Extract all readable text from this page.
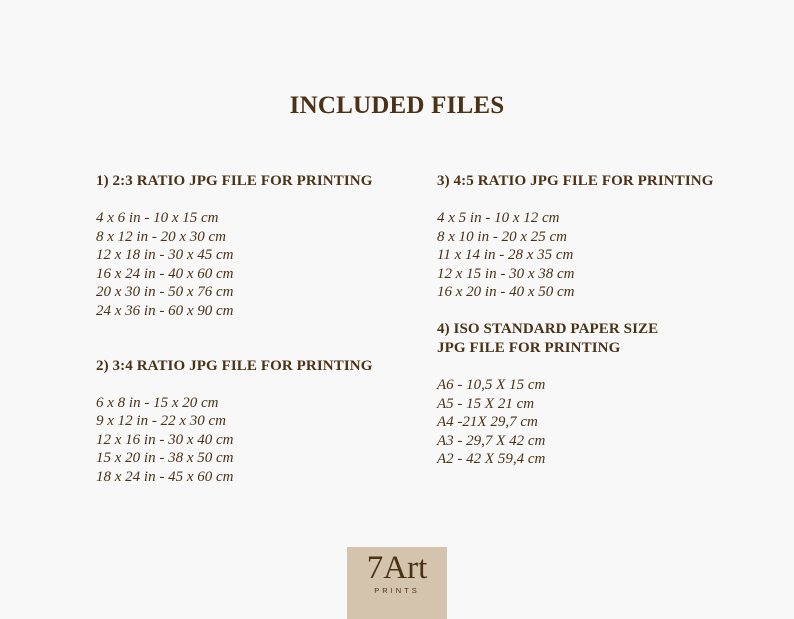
INCLUDED FILES
1) 2:3 RATIO JPG FILE FOR PRINTING
4 x 6 in - 10 x 15 cm
8 x 12 in - 20 x 30 cm
12 x 18 in - 30 x 45 cm
16 x 24 in - 40 x 60 cm
20 x 30 in - 50 x 76 cm
24 x 36 in - 60 x 90 cm
2) 3:4 RATIO JPG FILE FOR PRINTING
6 x 8 in - 15 x 20 cm
9 x 12 in - 22 x 30 cm
12 x 16 in - 30 x 40 cm
15 x 20 in - 38 x 50 cm
18 x 24 in - 45 x 60 cm
3) 4:5 RATIO JPG FILE FOR PRINTING
4 x 5 in - 10 x 12 cm
8 x 10 in - 20 x 25 cm
11 x 14 in - 28 x 35 cm
12 x 15 in - 30 x 38 cm
16 x 20 in - 40 x 50 cm
4) ISO STANDARD PAPER SIZE
JPG FILE FOR PRINTING
A6 - 10,5 X 15 cm
A5 - 15 X 21 cm
A4 -21X 29,7 cm
A3 - 29,7 X 42 cm
A2 - 42 X 59,4 cm
7Art
PRINTS
